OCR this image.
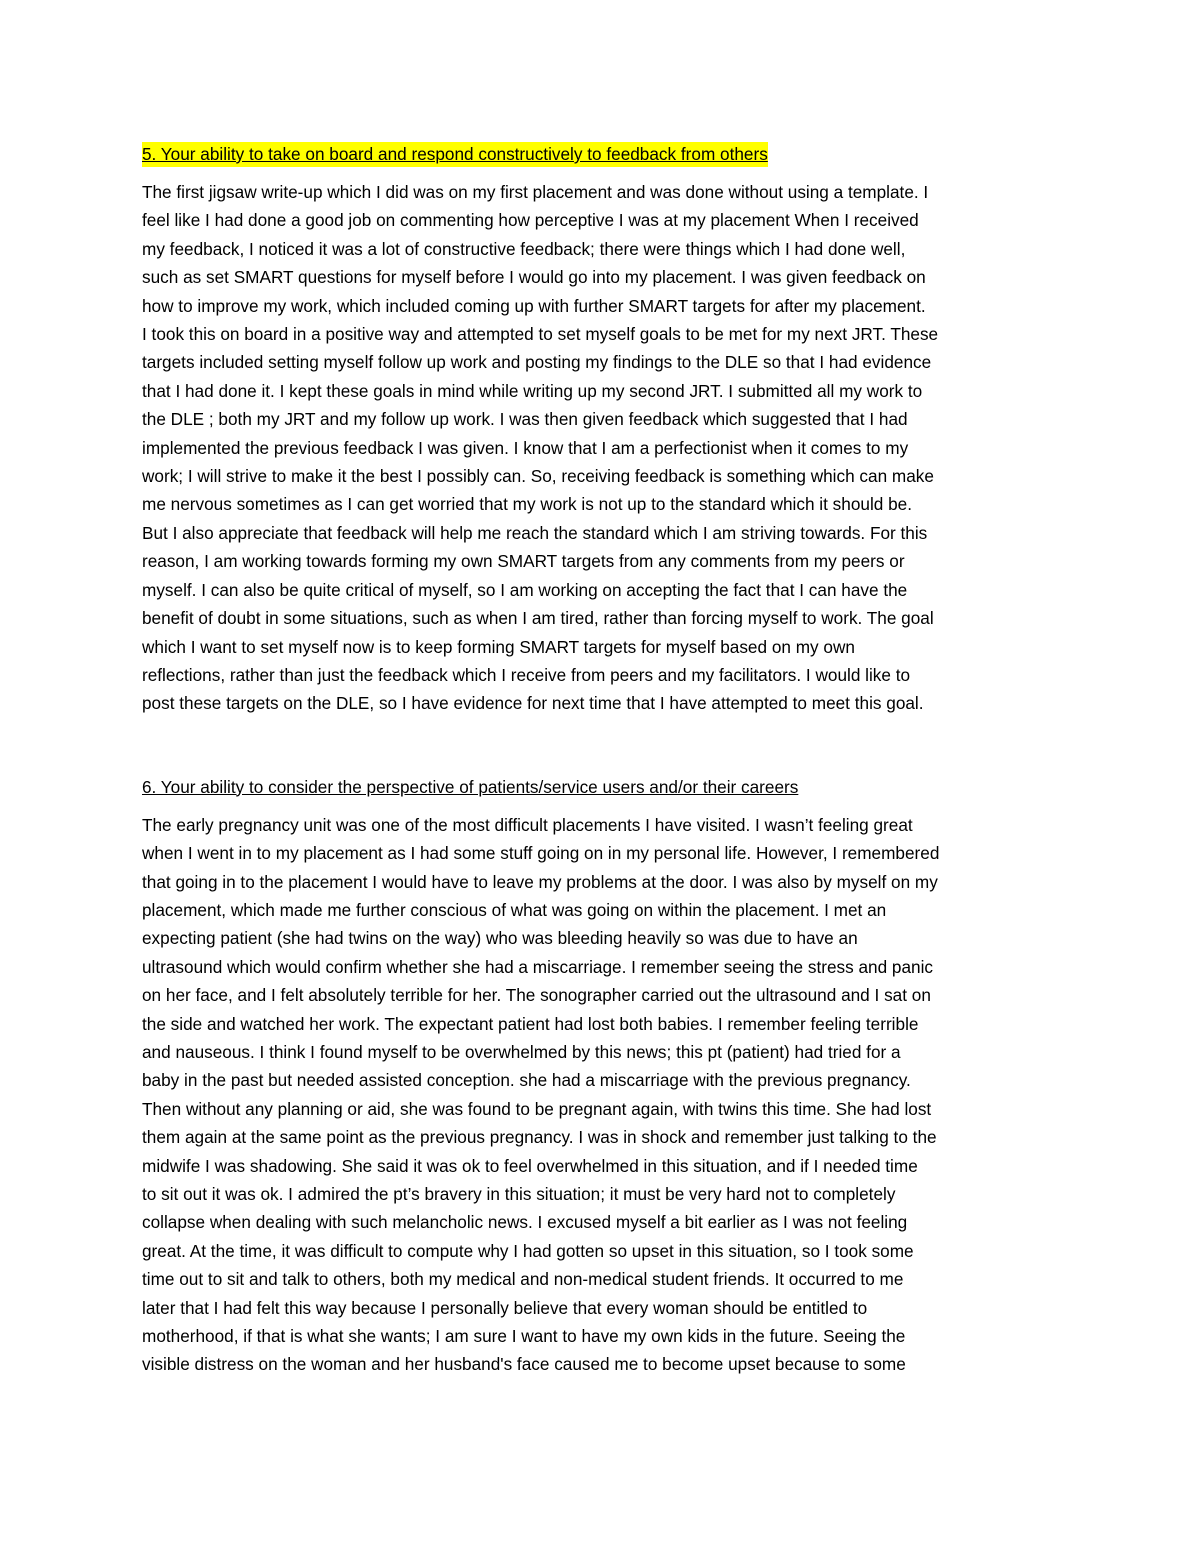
5. Your ability to take on board and respond constructively to feedback from others

The first jigsaw write-up which I did was on my first placement and was done without using a template. I
feel like I had done a good job on commenting how perceptive I was at my placement When I received
my feedback, I noticed it was a lot of constructive feedback; there were things which I had done well,
such as set SMART questions for myself before I would go into my placement. I was given feedback on
how to improve my work, which included coming up with further SMART targets for after my placement.
I took this on board in a positive way and attempted to set myself goals to be met for my next JRT. These
targets included setting myself follow up work and posting my findings to the DLE so that I had evidence
that I had done it. I kept these goals in mind while writing up my second JRT. I submitted all my work to
the DLE ; both my JRT and my follow up work. I was then given feedback which suggested that I had
implemented the previous feedback I was given. I know that I am a perfectionist when it comes to my
work; I will strive to make it the best I possibly can. So, receiving feedback is something which can make
me nervous sometimes as I can get worried that my work is not up to the standard which it should be.
But I also appreciate that feedback will help me reach the standard which I am striving towards. For this
reason, I am working towards forming my own SMART targets from any comments from my peers or
myself. I can also be quite critical of myself, so I am working on accepting the fact that I can have the
benefit of doubt in some situations, such as when I am tired, rather than forcing myself to work. The goal
which I want to set myself now is to keep forming SMART targets for myself based on my own
reflections, rather than just the feedback which I receive from peers and my facilitators. I would like to
post these targets on the DLE, so I have evidence for next time that I have attempted to meet this goal.

6. Your ability to consider the perspective of patients/service users and/or their careers

The early pregnancy unit was one of the most difficult placements I have visited. I wasn’t feeling great
when I went in to my placement as I had some stuff going on in my personal life. However, I remembered
that going in to the placement I would have to leave my problems at the door. I was also by myself on my
placement, which made me further conscious of what was going on within the placement. I met an
expecting patient (she had twins on the way) who was bleeding heavily so was due to have an
ultrasound which would confirm whether she had a miscarriage. I remember seeing the stress and panic
on her face, and I felt absolutely terrible for her. The sonographer carried out the ultrasound and I sat on
the side and watched her work. The expectant patient had lost both babies. I remember feeling terrible
and nauseous. I think I found myself to be overwhelmed by this news; this pt (patient) had tried for a
baby in the past but needed assisted conception. she had a miscarriage with the previous pregnancy.
Then without any planning or aid, she was found to be pregnant again, with twins this time. She had lost
them again at the same point as the previous pregnancy. I was in shock and remember just talking to the
midwife I was shadowing. She said it was ok to feel overwhelmed in this situation, and if I needed time
to sit out it was ok. I admired the pt’s bravery in this situation; it must be very hard not to completely
collapse when dealing with such melancholic news. I excused myself a bit earlier as I was not feeling
great. At the time, it was difficult to compute why I had gotten so upset in this situation, so I took some
time out to sit and talk to others, both my medical and non-medical student friends. It occurred to me
later that I had felt this way because I personally believe that every woman should be entitled to
motherhood, if that is what she wants; I am sure I want to have my own kids in the future. Seeing the
visible distress on the woman and her husband's face caused me to become upset because to some
